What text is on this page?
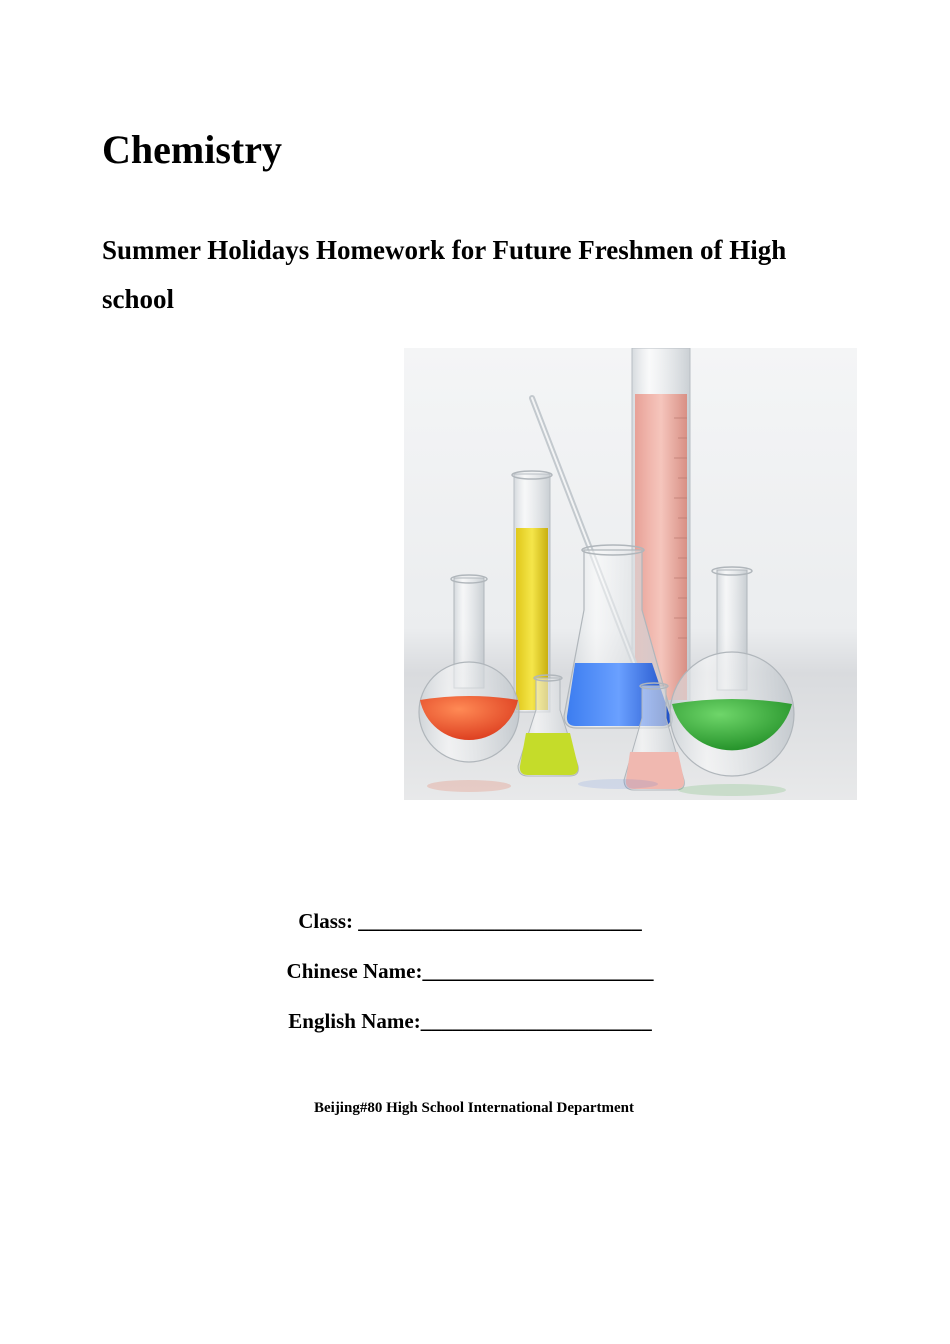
Chemistry
Summer Holidays Homework for Future Freshmen of High school
Class: ___________________________
Chinese Name:______________________
English Name:______________________
Beijing#80 High School International Department
